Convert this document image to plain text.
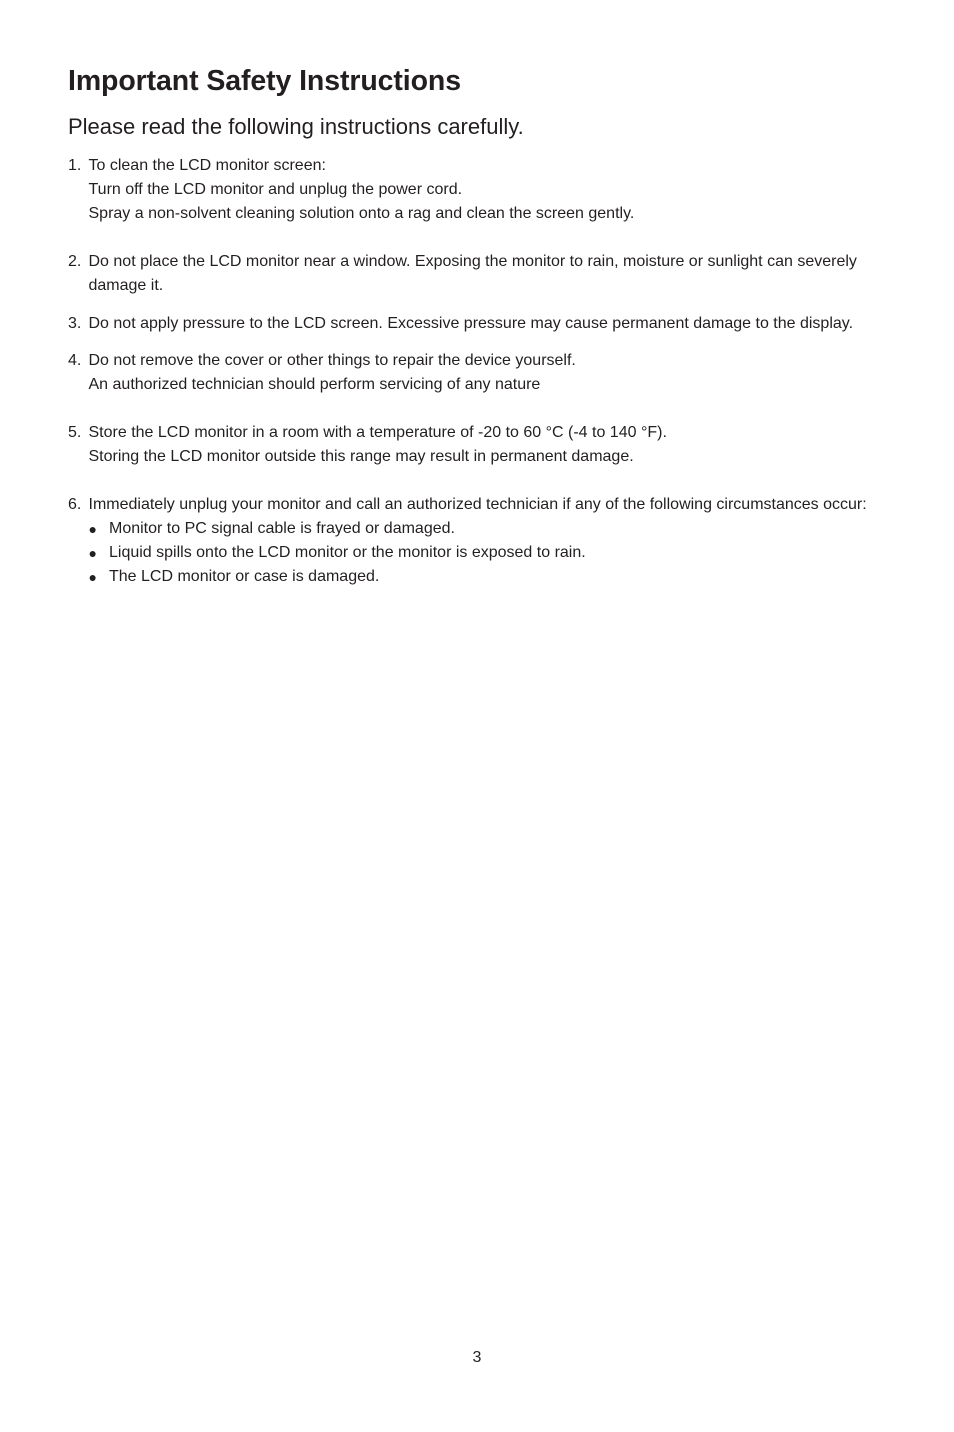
Important Safety Instructions

Please read the following instructions carefully.

1. To clean the LCD monitor screen:
Turn off the LCD monitor and unplug the power cord.
Spray a non-solvent cleaning solution onto a rag and clean the screen gently.
2. Do not place the LCD monitor near a window. Exposing the monitor to rain, moisture or sunlight can severely damage it.
3. Do not apply pressure to the LCD screen. Excessive pressure may cause permanent damage to the display.
4. Do not remove the cover or other things to repair the device yourself.
An authorized technician should perform servicing of any nature
5. Store the LCD monitor in a room with a temperature of -20 to 60 °C (-4 to 140 °F).
Storing the LCD monitor outside this range may result in permanent damage.
6. Immediately unplug your monitor and call an authorized technician if any of the following circumstances occur:
● Monitor to PC signal cable is frayed or damaged.
● Liquid spills onto the LCD monitor or the monitor is exposed to rain.
● The LCD monitor or case is damaged.
3
